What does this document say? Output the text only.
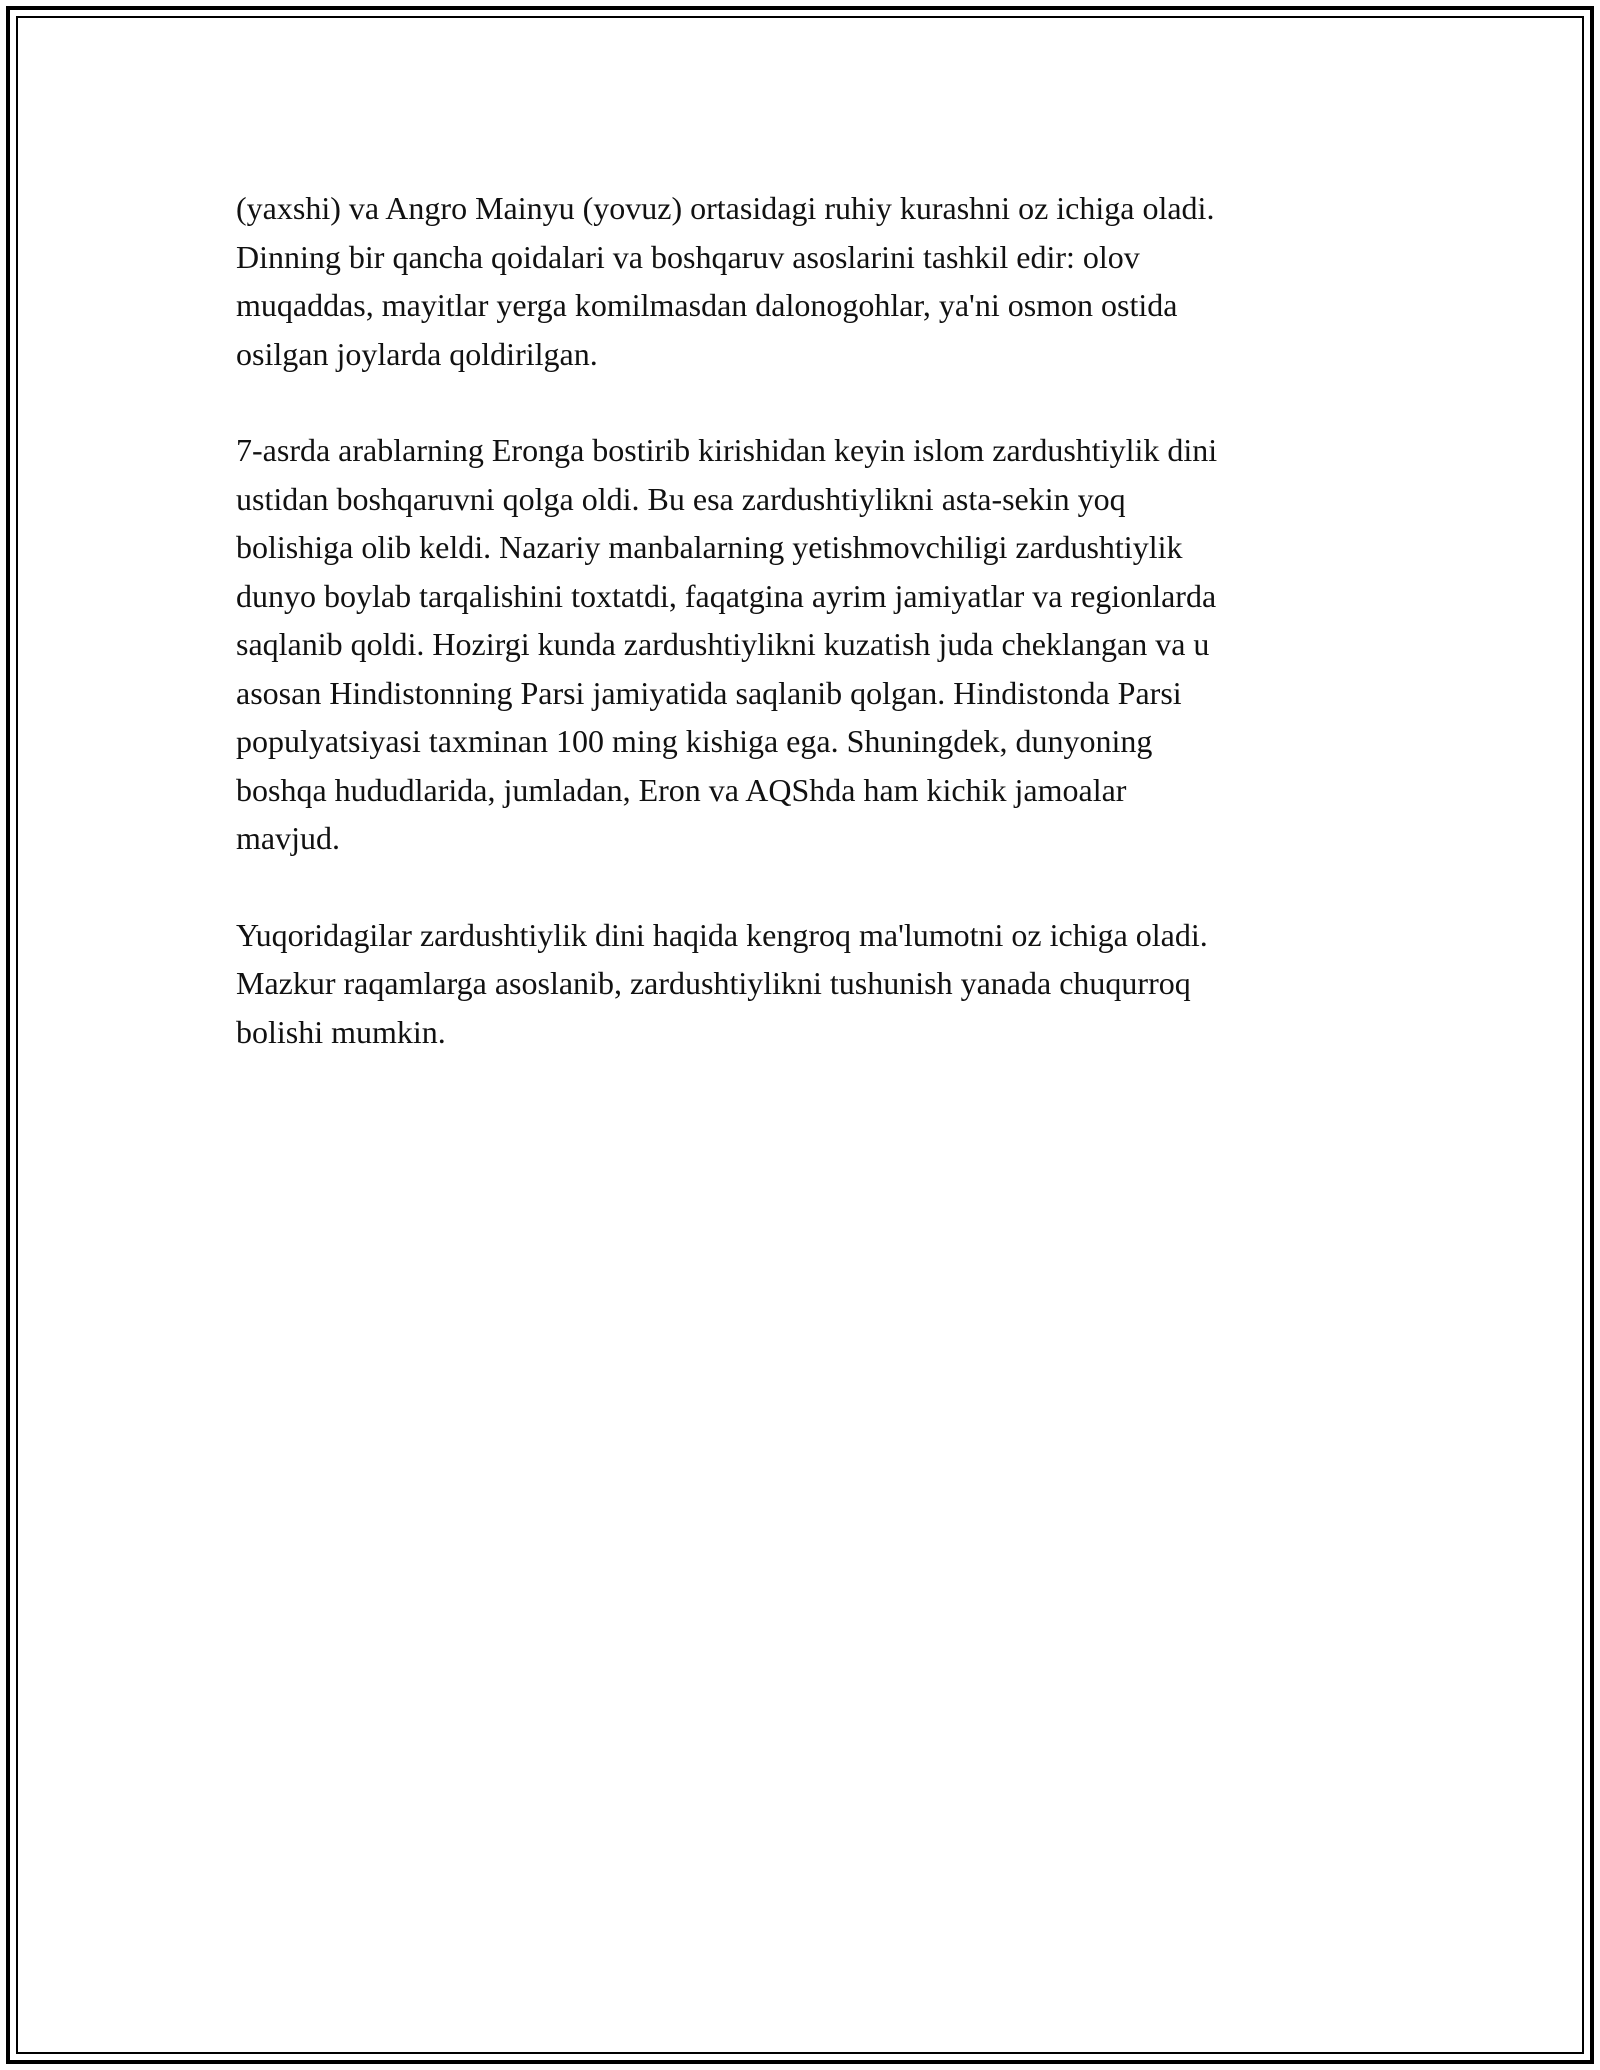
(yaxshi) va Angro Mainyu (yovuz) ortasidagi ruhiy kurashni oz ichiga oladi.
Dinning bir qancha qoidalari va boshqaruv asoslarini tashkil edir: olov
muqaddas, mayitlar yerga komilmasdan dalonogohlar, ya'ni osmon ostida
osilgan joylarda qoldirilgan.

7-asrda arablarning Eronga bostirib kirishidan keyin islom zardushtiylik dini
ustidan boshqaruvni qolga oldi. Bu esa zardushtiylikni asta-sekin yoq
bolishiga olib keldi. Nazariy manbalarning yetishmovchiligi zardushtiylik
dunyo boylab tarqalishini toxtatdi, faqatgina ayrim jamiyatlar va regionlarda
saqlanib qoldi. Hozirgi kunda zardushtiylikni kuzatish juda cheklangan va u
asosan Hindistonning Parsi jamiyatida saqlanib qolgan. Hindistonda Parsi
populyatsiyasi taxminan 100 ming kishiga ega. Shuningdek, dunyoning
boshqa hududlarida, jumladan, Eron va AQShda ham kichik jamoalar
mavjud.

Yuqoridagilar zardushtiylik dini haqida kengroq ma'lumotni oz ichiga oladi.
Mazkur raqamlarga asoslanib, zardushtiylikni tushunish yanada chuqurroq
bolishi mumkin.
